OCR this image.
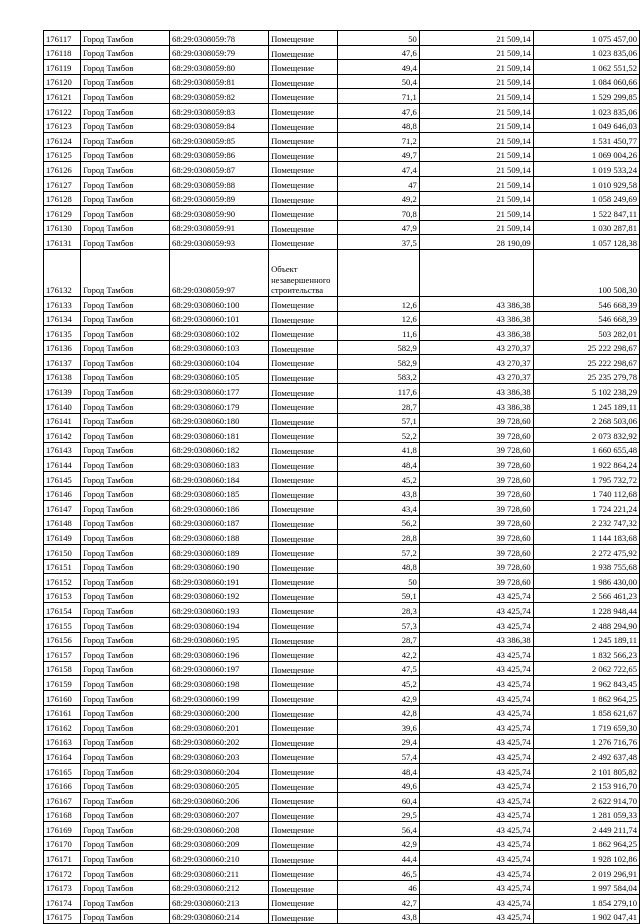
176117	Город Тамбов	68:29:0308059:78	Помещение	50	21 509,14	1 075 457,00
176118	Город Тамбов	68:29:0308059:79	Помещение	47,6	21 509,14	1 023 835,06
176119	Город Тамбов	68:29:0308059:80	Помещение	49,4	21 509,14	1 062 551,52
176120	Город Тамбов	68:29:0308059:81	Помещение	50,4	21 509,14	1 084 060,66
176121	Город Тамбов	68:29:0308059:82	Помещение	71,1	21 509,14	1 529 299,85
176122	Город Тамбов	68:29:0308059:83	Помещение	47,6	21 509,14	1 023 835,06
176123	Город Тамбов	68:29:0308059:84	Помещение	48,8	21 509,14	1 049 646,03
176124	Город Тамбов	68:29:0308059:85	Помещение	71,2	21 509,14	1 531 450,77
176125	Город Тамбов	68:29:0308059:86	Помещение	49,7	21 509,14	1 069 004,26
176126	Город Тамбов	68:29:0308059:87	Помещение	47,4	21 509,14	1 019 533,24
176127	Город Тамбов	68:29:0308059:88	Помещение	47	21 509,14	1 010 929,58
176128	Город Тамбов	68:29:0308059:89	Помещение	49,2	21 509,14	1 058 249,69
176129	Город Тамбов	68:29:0308059:90	Помещение	70,8	21 509,14	1 522 847,11
176130	Город Тамбов	68:29:0308059:91	Помещение	47,9	21 509,14	1 030 287,81
176131	Город Тамбов	68:29:0308059:93	Помещение	37,5	28 190,09	1 057 128,38
176132	Город Тамбов	68:29:0308059:97	Объект
незавершенного
строительства			100 508,30
176133	Город Тамбов	68:29:0308060:100	Помещение	12,6	43 386,38	546 668,39
176134	Город Тамбов	68:29:0308060:101	Помещение	12,6	43 386,38	546 668,39
176135	Город Тамбов	68:29:0308060:102	Помещение	11,6	43 386,38	503 282,01
176136	Город Тамбов	68:29:0308060:103	Помещение	582,9	43 270,37	25 222 298,67
176137	Город Тамбов	68:29:0308060:104	Помещение	582,9	43 270,37	25 222 298,67
176138	Город Тамбов	68:29:0308060:105	Помещение	583,2	43 270,37	25 235 279,78
176139	Город Тамбов	68:29:0308060:177	Помещение	117,6	43 386,38	5 102 238,29
176140	Город Тамбов	68:29:0308060:179	Помещение	28,7	43 386,38	1 245 189,11
176141	Город Тамбов	68:29:0308060:180	Помещение	57,1	39 728,60	2 268 503,06
176142	Город Тамбов	68:29:0308060:181	Помещение	52,2	39 728,60	2 073 832,92
176143	Город Тамбов	68:29:0308060:182	Помещение	41,8	39 728,60	1 660 655,48
176144	Город Тамбов	68:29:0308060:183	Помещение	48,4	39 728,60	1 922 864,24
176145	Город Тамбов	68:29:0308060:184	Помещение	45,2	39 728,60	1 795 732,72
176146	Город Тамбов	68:29:0308060:185	Помещение	43,8	39 728,60	1 740 112,68
176147	Город Тамбов	68:29:0308060:186	Помещение	43,4	39 728,60	1 724 221,24
176148	Город Тамбов	68:29:0308060:187	Помещение	56,2	39 728,60	2 232 747,32
176149	Город Тамбов	68:29:0308060:188	Помещение	28,8	39 728,60	1 144 183,68
176150	Город Тамбов	68:29:0308060:189	Помещение	57,2	39 728,60	2 272 475,92
176151	Город Тамбов	68:29:0308060:190	Помещение	48,8	39 728,60	1 938 755,68
176152	Город Тамбов	68:29:0308060:191	Помещение	50	39 728,60	1 986 430,00
176153	Город Тамбов	68:29:0308060:192	Помещение	59,1	43 425,74	2 566 461,23
176154	Город Тамбов	68:29:0308060:193	Помещение	28,3	43 425,74	1 228 948,44
176155	Город Тамбов	68:29:0308060:194	Помещение	57,3	43 425,74	2 488 294,90
176156	Город Тамбов	68:29:0308060:195	Помещение	28,7	43 386,38	1 245 189,11
176157	Город Тамбов	68:29:0308060:196	Помещение	42,2	43 425,74	1 832 566,23
176158	Город Тамбов	68:29:0308060:197	Помещение	47,5	43 425,74	2 062 722,65
176159	Город Тамбов	68:29:0308060:198	Помещение	45,2	43 425,74	1 962 843,45
176160	Город Тамбов	68:29:0308060:199	Помещение	42,9	43 425,74	1 862 964,25
176161	Город Тамбов	68:29:0308060:200	Помещение	42,8	43 425,74	1 858 621,67
176162	Город Тамбов	68:29:0308060:201	Помещение	39,6	43 425,74	1 719 659,30
176163	Город Тамбов	68:29:0308060:202	Помещение	29,4	43 425,74	1 276 716,76
176164	Город Тамбов	68:29:0308060:203	Помещение	57,4	43 425,74	2 492 637,48
176165	Город Тамбов	68:29:0308060:204	Помещение	48,4	43 425,74	2 101 805,82
176166	Город Тамбов	68:29:0308060:205	Помещение	49,6	43 425,74	2 153 916,70
176167	Город Тамбов	68:29:0308060:206	Помещение	60,4	43 425,74	2 622 914,70
176168	Город Тамбов	68:29:0308060:207	Помещение	29,5	43 425,74	1 281 059,33
176169	Город Тамбов	68:29:0308060:208	Помещение	56,4	43 425,74	2 449 211,74
176170	Город Тамбов	68:29:0308060:209	Помещение	42,9	43 425,74	1 862 964,25
176171	Город Тамбов	68:29:0308060:210	Помещение	44,4	43 425,74	1 928 102,86
176172	Город Тамбов	68:29:0308060:211	Помещение	46,5	43 425,74	2 019 296,91
176173	Город Тамбов	68:29:0308060:212	Помещение	46	43 425,74	1 997 584,04
176174	Город Тамбов	68:29:0308060:213	Помещение	42,7	43 425,74	1 854 279,10
176175	Город Тамбов	68:29:0308060:214	Помещение	43,8	43 425,74	1 902 047,41
